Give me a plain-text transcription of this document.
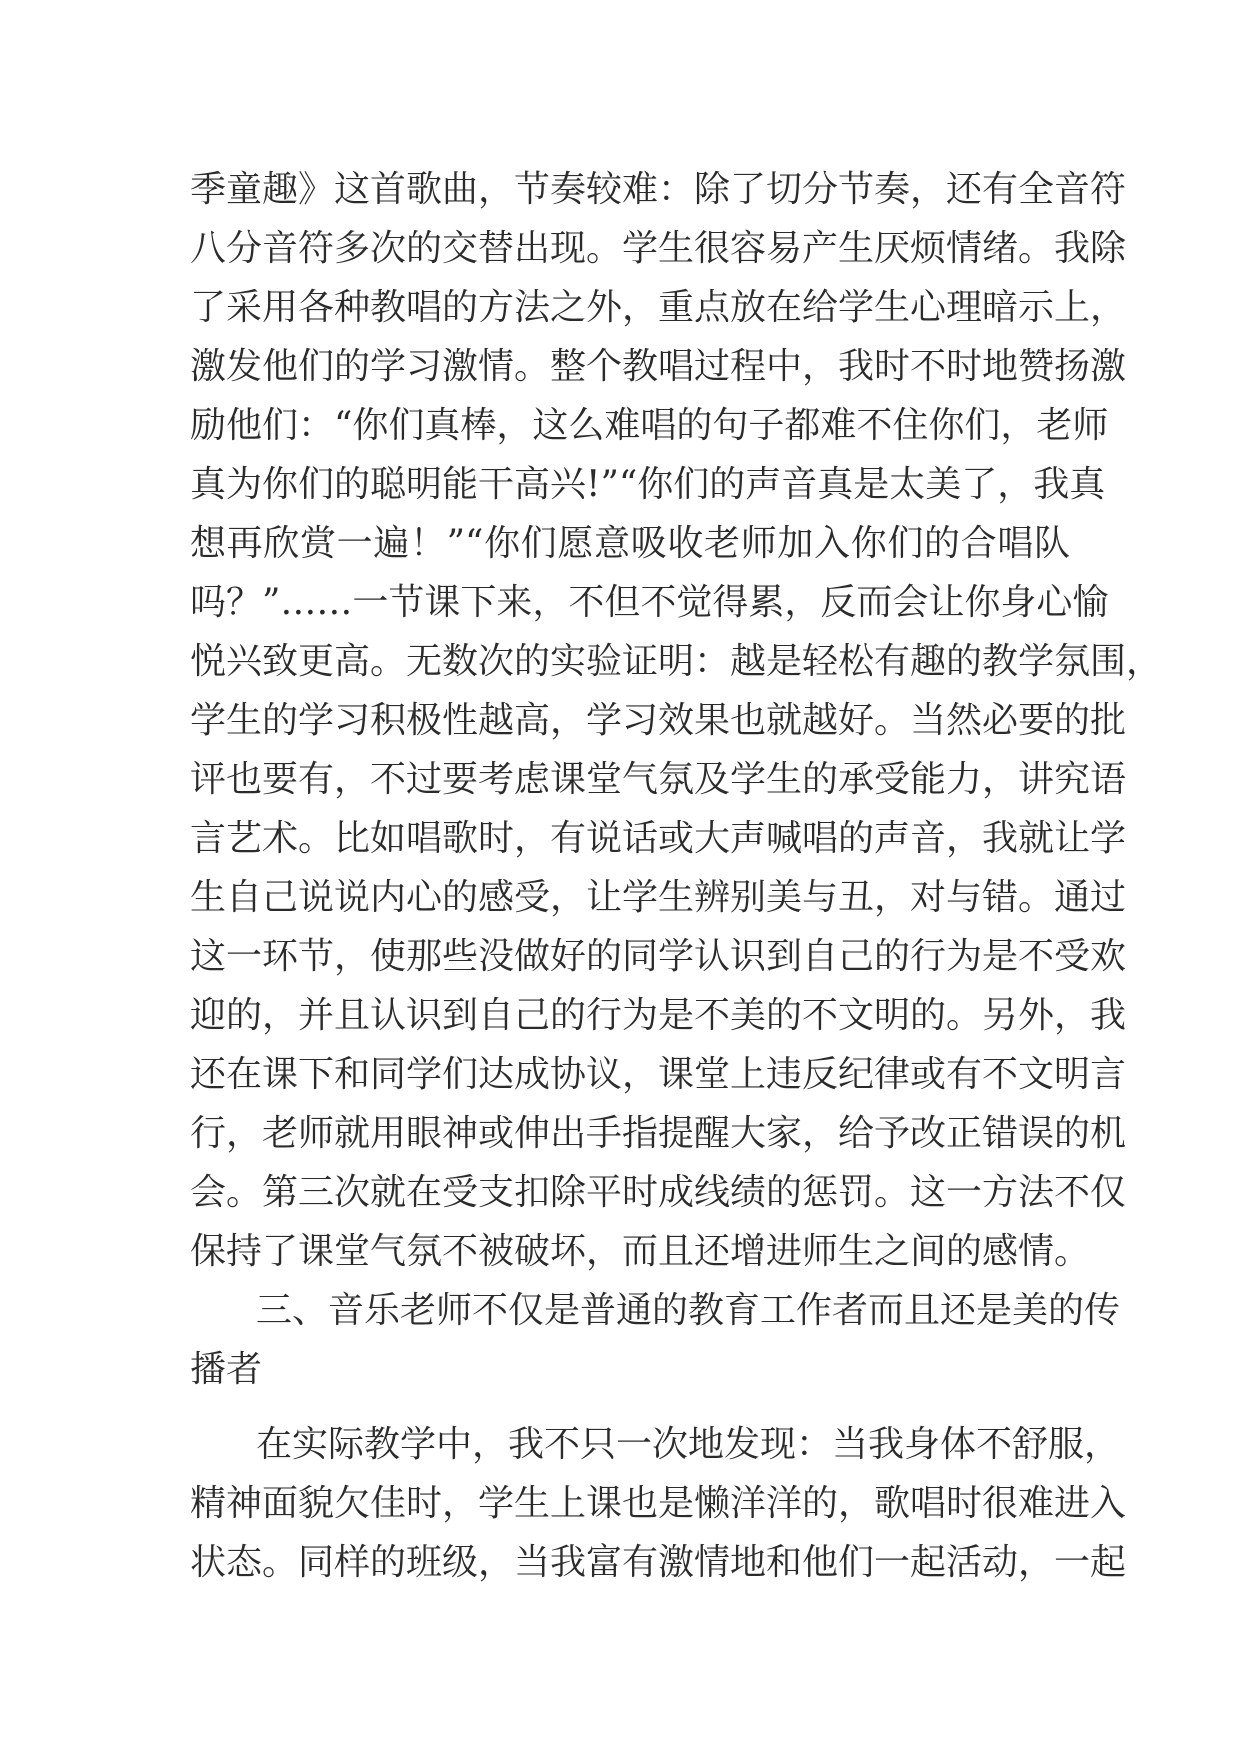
季童趣》这首歌曲，节奏较难：除了切分节奏，还有全音符
八分音符多次的交替出现。学生很容易产生厌烦情绪。我除
了采用各种教唱的方法之外，重点放在给学生心理暗示上，
激发他们的学习激情。整个教唱过程中，我时不时地赞扬激
励他们：“你们真棒，这么难唱的句子都难不住你们，老师
真为你们的聪明能干高兴!”“你们的声音真是太美了，我真
想再欣赏一遍！”“你们愿意吸收老师加入你们的合唱队
吗？”……一节课下来，不但不觉得累，反而会让你身心愉
悦兴致更高。无数次的实验证明：越是轻松有趣的教学氛围，
学生的学习积极性越高，学习效果也就越好。当然必要的批
评也要有，不过要考虑课堂气氛及学生的承受能力，讲究语
言艺术。比如唱歌时，有说话或大声喊唱的声音，我就让学
生自己说说内心的感受，让学生辨别美与丑，对与错。通过
这一环节，使那些没做好的同学认识到自己的行为是不受欢
迎的，并且认识到自己的行为是不美的不文明的。另外，我
还在课下和同学们达成协议，课堂上违反纪律或有不文明言
行，老师就用眼神或伸出手指提醒大家，给予改正错误的机
会。第三次就在受支扣除平时成线绩的惩罚。这一方法不仅
保持了课堂气氛不被破坏，而且还增进师生之间的感情。
三、音乐老师不仅是普通的教育工作者而且还是美的传
播者
在实际教学中，我不只一次地发现：当我身体不舒服，
精神面貌欠佳时，学生上课也是懒洋洋的，歌唱时很难进入
状态。同样的班级，当我富有激情地和他们一起活动，一起
